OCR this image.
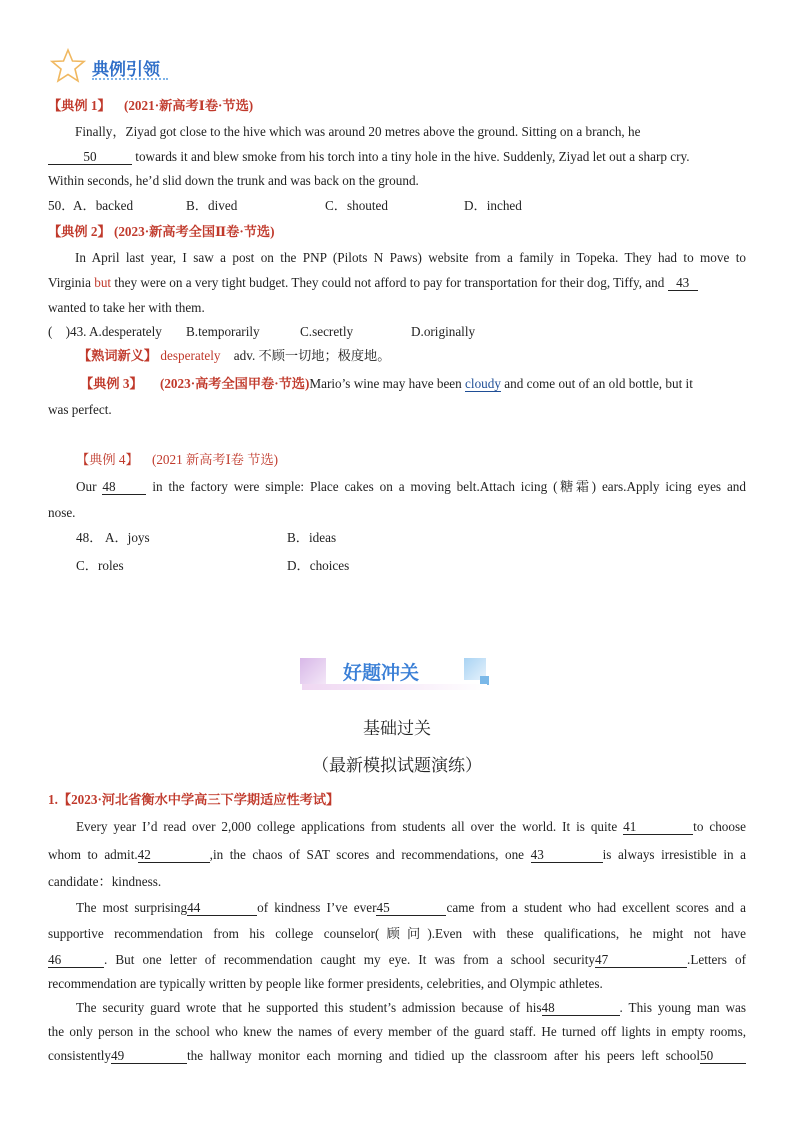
典例引领
【典例 1】 (2021·新高考Ⅰ卷·节选)
Finally，Ziyad got close to the hive which was around 20 metres above the ground. Sitting on a branch, he
50	towards it and blew smoke from his torch into a tiny hole in the hive. Suddenly, Ziyad let out a sharp cry.
Within seconds, he’d slid down the trunk and was back on the ground.
50．
A．backed	B．dived	C．shouted	D．inched
【典例 2】 (2023·新高考全国Ⅱ卷·节选)
In April last year, I saw a post on the PNP (Pilots N Paws) website from a family in Topeka. They had to move to
Virginia but they were on a very tight budget. They could not afford to pay for transportation for their dog, Tiffy, and 43
wanted to take her with them.
(　)43. A.desperately B.temporarily	C.secretly	D.originally
【熟词新义】 desperately adv. 不顾一切地；极度地。
【典例 3】 (2023·高考全国甲卷·节选)Mario’s wine may have been cloudy and come out of an old bottle, but it
was perfect.
【典例 4】 (2021 新高考Ⅰ卷 节选)
Our 48	in the factory were simple: Place cakes on a moving belt.Attach icing (糖霜) ears.Apply icing eyes and
nose.
48． A．joys	B．ideas
C．roles	D．choices
好题冲关
基础过关
（最新模拟试题演练）
1.【2023·河北省衡水中学高三下学期适应性考试】
Every year I’d read over 2,000 college applications from students all over the world. It is quite 41	to choose
whom to admit.42	,in the chaos of SAT scores and recommendations, one 43	is always irresistible in a
candidate：kindness.
The most surprising44	of kindness I’ve ever45	came from a student who had excellent scores and a
supportive recommendation from his college counselor(顾问).Even with these qualifications, he might not have
46	. But one letter of recommendation caught my eye. It was from a school security47	.Letters of
recommendation are typically written by people like former presidents, celebrities, and Olympic athletes.
The security guard wrote that he supported this student’s admission because of his48	. This young man was
the only person in the school who knew the names of every member of the guard staff. He turned off lights in empty rooms,
consistently49	the hallway monitor each morning and tidied up the classroom after his peers left school50
